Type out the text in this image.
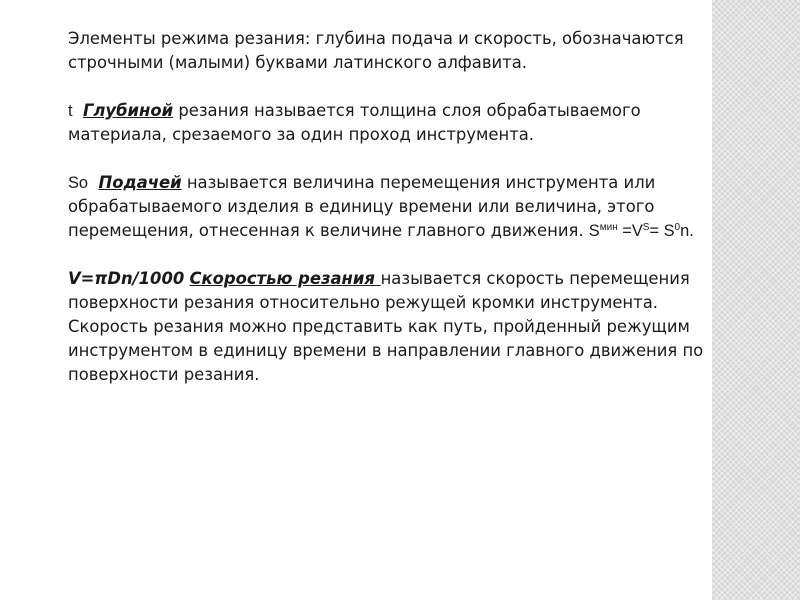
Элементы режима резания: глубина подача и скорость, обозначаются строчными (малыми) буквами латинского алфавита.

t Глубиной резания называется толщина слоя обрабатываемого материала, срезаемого за один проход инструмента.

So Подачей называется величина перемещения инструмента или обрабатываемого изделия в единицу времени или величина, этого перемещения, отнесенная к величине главного движения. $S^{мин} =V^S= S^0n$.

V=πDn/1000 Скоростью резания называется скорость перемещения поверхности резания относительно режущей кромки инструмента. Скорость резания можно представить как путь, пройденный режущим инструментом в единицу времени в направлении главного движения по поверхности резания.
